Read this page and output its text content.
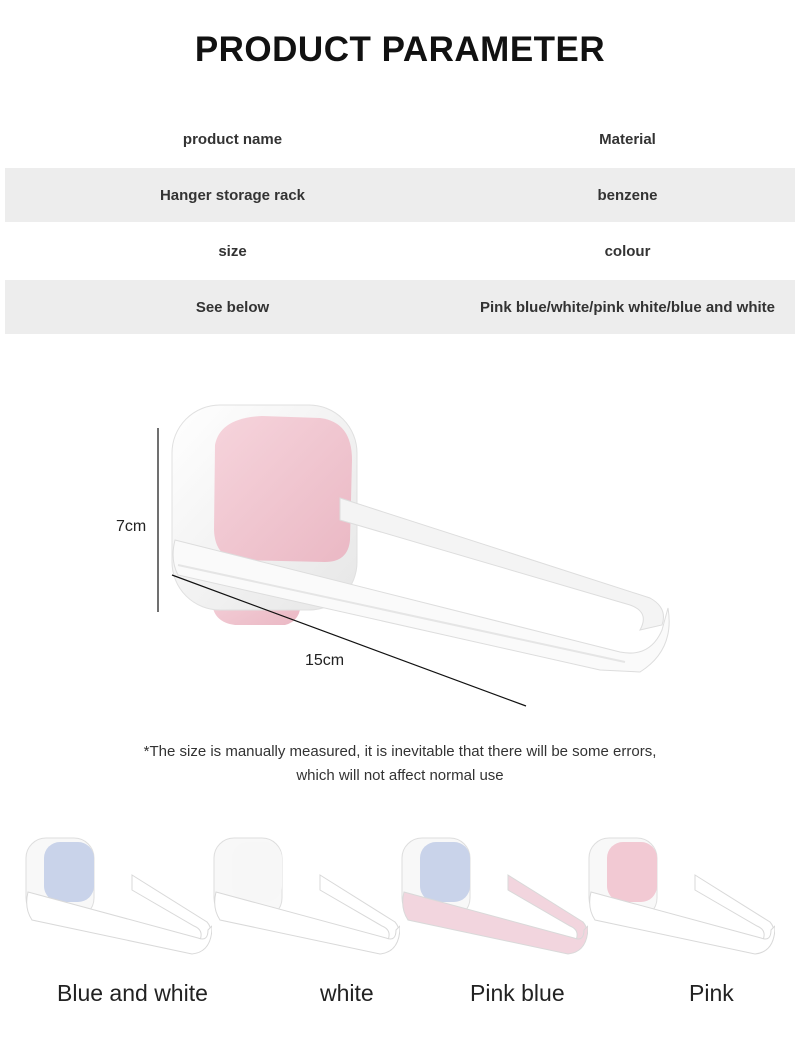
PRODUCT PARAMETER
product name	Material
Hanger storage rack	benzene
size	colour
See below	Pink blue/white/pink white/blue and white
7cm
15cm
*The size is manually measured, it is inevitable that there will be some errors,
which will not affect normal use
Blue and white	white	Pink blue	Pink
